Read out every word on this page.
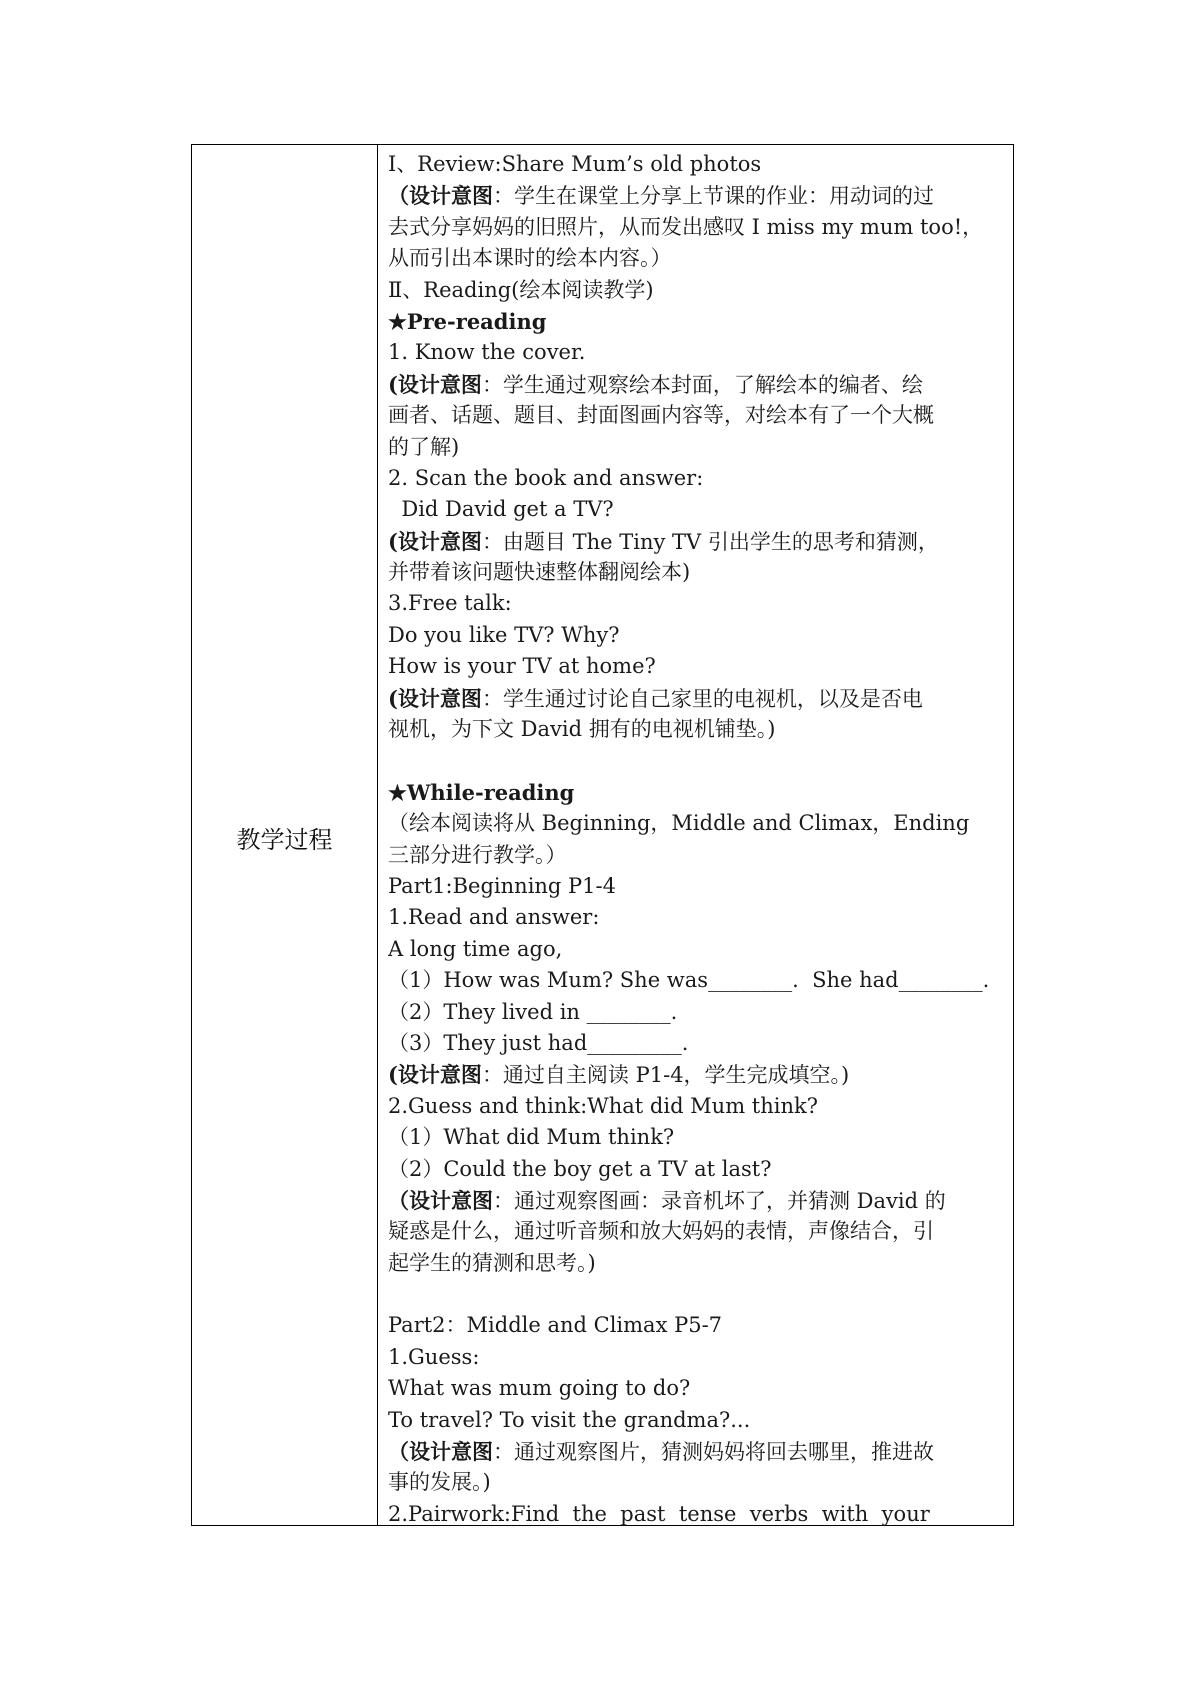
教学过程
Ⅰ、Review:Share Mum’s old photos
（设计意图：学生在课堂上分享上节课的作业：用动词的过
去式分享妈妈的旧照片，从而发出感叹 I miss my mum too!，
从而引出本课时的绘本内容。）
Ⅱ、Reading(绘本阅读教学)
★Pre-reading
1. Know the cover.
(设计意图：学生通过观察绘本封面，了解绘本的编者、绘
画者、话题、题目、封面图画内容等，对绘本有了一个大概
的了解)
2. Scan the book and answer:
Did David get a TV?
(设计意图：由题目 The Tiny TV 引出学生的思考和猜测，
并带着该问题快速整体翻阅绘本)
3.Free talk:
Do you like TV? Why?
How is your TV at home?
(设计意图：学生通过讨论自己家里的电视机，以及是否电
视机，为下文 David 拥有的电视机铺垫。)
★While-reading
（绘本阅读将从 Beginning，Middle and Climax，Ending
三部分进行教学。）
Part1:Beginning P1-4
1.Read and answer:
A long time ago,
（1）How was Mum? She was________.  She had________.
（2）They lived in ________.
（3）They just had_________.
(设计意图：通过自主阅读 P1-4，学生完成填空。)
2.Guess and think:What did Mum think?
（1）What did Mum think?
（2）Could the boy get a TV at last?
（设计意图：通过观察图画：录音机坏了，并猜测 David 的
疑惑是什么，通过听音频和放大妈妈的表情，声像结合，引
起学生的猜测和思考。)
Part2：Middle and Climax P5-7
1.Guess:
What was mum going to do?
To travel? To visit the grandma?...
（设计意图：通过观察图片，猜测妈妈将回去哪里，推进故
事的发展。)
2.Pairwork:Find  the  past  tense  verbs  with  your
